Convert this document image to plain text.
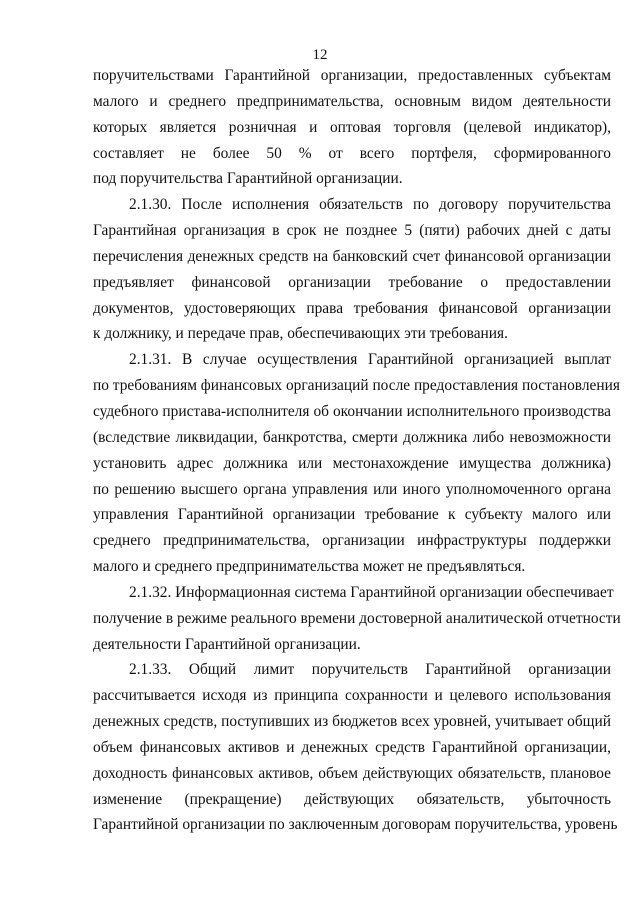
12
поручительствами Гарантийной организации, предоставленных субъектам
малого и среднего предпринимательства, основным видом деятельности
которых является розничная и оптовая торговля (целевой индикатор),
составляет не более 50 % от всего портфеля, сформированного
под поручительства Гарантийной организации.
2.1.30. После исполнения обязательств по договору поручительства
Гарантийная организация в срок не позднее 5 (пяти) рабочих дней с даты
перечисления денежных средств на банковский счет финансовой организации
предъявляет финансовой организации требование о предоставлении
документов, удостоверяющих права требования финансовой организации
к должнику, и передаче прав, обеспечивающих эти требования.
2.1.31. В случае осуществления Гарантийной организацией выплат
по требованиям финансовых организаций после предоставления постановления
судебного пристава-исполнителя об окончании исполнительного производства
(вследствие ликвидации, банкротства, смерти должника либо невозможности
установить адрес должника или местонахождение имущества должника)
по решению высшего органа управления или иного уполномоченного органа
управления Гарантийной организации требование к субъекту малого или
среднего предпринимательства, организации инфраструктуры поддержки
малого и среднего предпринимательства может не предъявляться.
2.1.32. Информационная система Гарантийной организации обеспечивает
получение в режиме реального времени достоверной аналитической отчетности
деятельности Гарантийной организации.
2.1.33. Общий лимит поручительств Гарантийной организации
рассчитывается исходя из принципа сохранности и целевого использования
денежных средств, поступивших из бюджетов всех уровней, учитывает общий
объем финансовых активов и денежных средств Гарантийной организации,
доходность финансовых активов, объем действующих обязательств, плановое
изменение (прекращение) действующих обязательств, убыточность
Гарантийной организации по заключенным договорам поручительства, уровень
